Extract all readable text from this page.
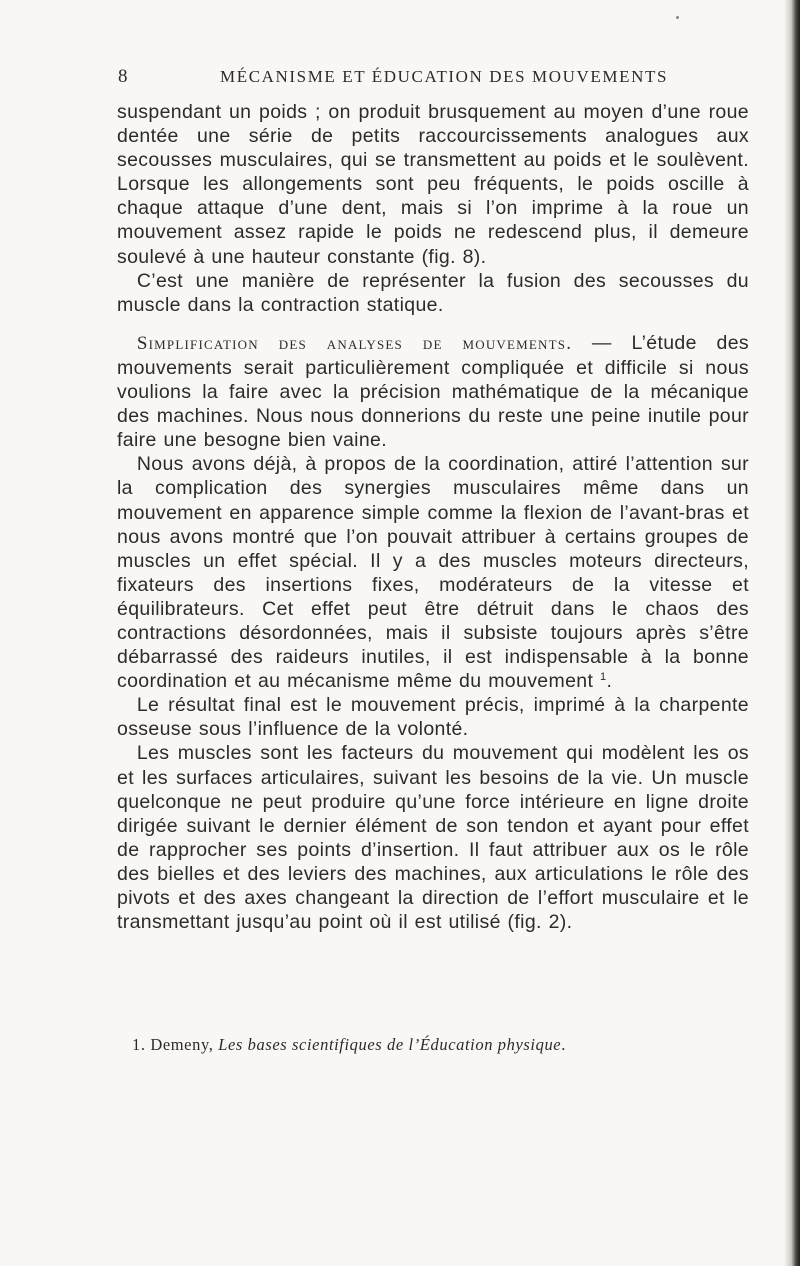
8	MÉCANISME ET ÉDUCATION DES MOUVEMENTS

suspendant un poids ; on produit brusquement au moyen d’une roue dentée une série de petits raccourcissements analogues aux secousses musculaires, qui se transmettent au poids et le soulèvent. Lorsque les allongements sont peu fréquents, le poids oscille à chaque attaque d’une dent, mais si l’on imprime à la roue un mouvement assez rapide le poids ne redescend plus, il demeure soulevé à une hauteur constante (fig. 8).

 C’est une manière de représenter la fusion des secousses du muscle dans la contraction statique.

 Simplification des analyses de mouvements. — L’étude des mouvements serait particulièrement compliquée et difficile si nous voulions la faire avec la précision mathématique de la mécanique des machines. Nous nous donnerions du reste une peine inutile pour faire une besogne bien vaine.

 Nous avons déjà, à propos de la coordination, attiré l’attention sur la complication des synergies musculaires même dans un mouvement en apparence simple comme la flexion de l’avant-bras et nous avons montré que l’on pouvait attribuer à certains groupes de muscles un effet spécial. Il y a des muscles moteurs directeurs, fixateurs des insertions fixes, modérateurs de la vitesse et équilibrateurs. Cet effet peut être détruit dans le chaos des contractions désordonnées, mais il subsiste toujours après s’être débarrassé des raideurs inutiles, il est indispensable à la bonne coordination et au mécanisme même du mouvement $^1$.

 Le résultat final est le mouvement précis, imprimé à la charpente osseuse sous l’influence de la volonté.

 Les muscles sont les facteurs du mouvement qui modèlent les os et les surfaces articulaires, suivant les besoins de la vie. Un muscle quelconque ne peut produire qu’une force intérieure en ligne droite dirigée suivant le dernier élément de son tendon et ayant pour effet de rapprocher ses points d’insertion. Il faut attribuer aux os le rôle des bielles et des leviers des machines, aux articulations le rôle des pivots et des axes changeant la direction de l’effort musculaire et le transmettant jusqu’au point où il est utilisé (fig. 2).

1. Demeny, Les bases scientifiques de l’Éducation physique.
